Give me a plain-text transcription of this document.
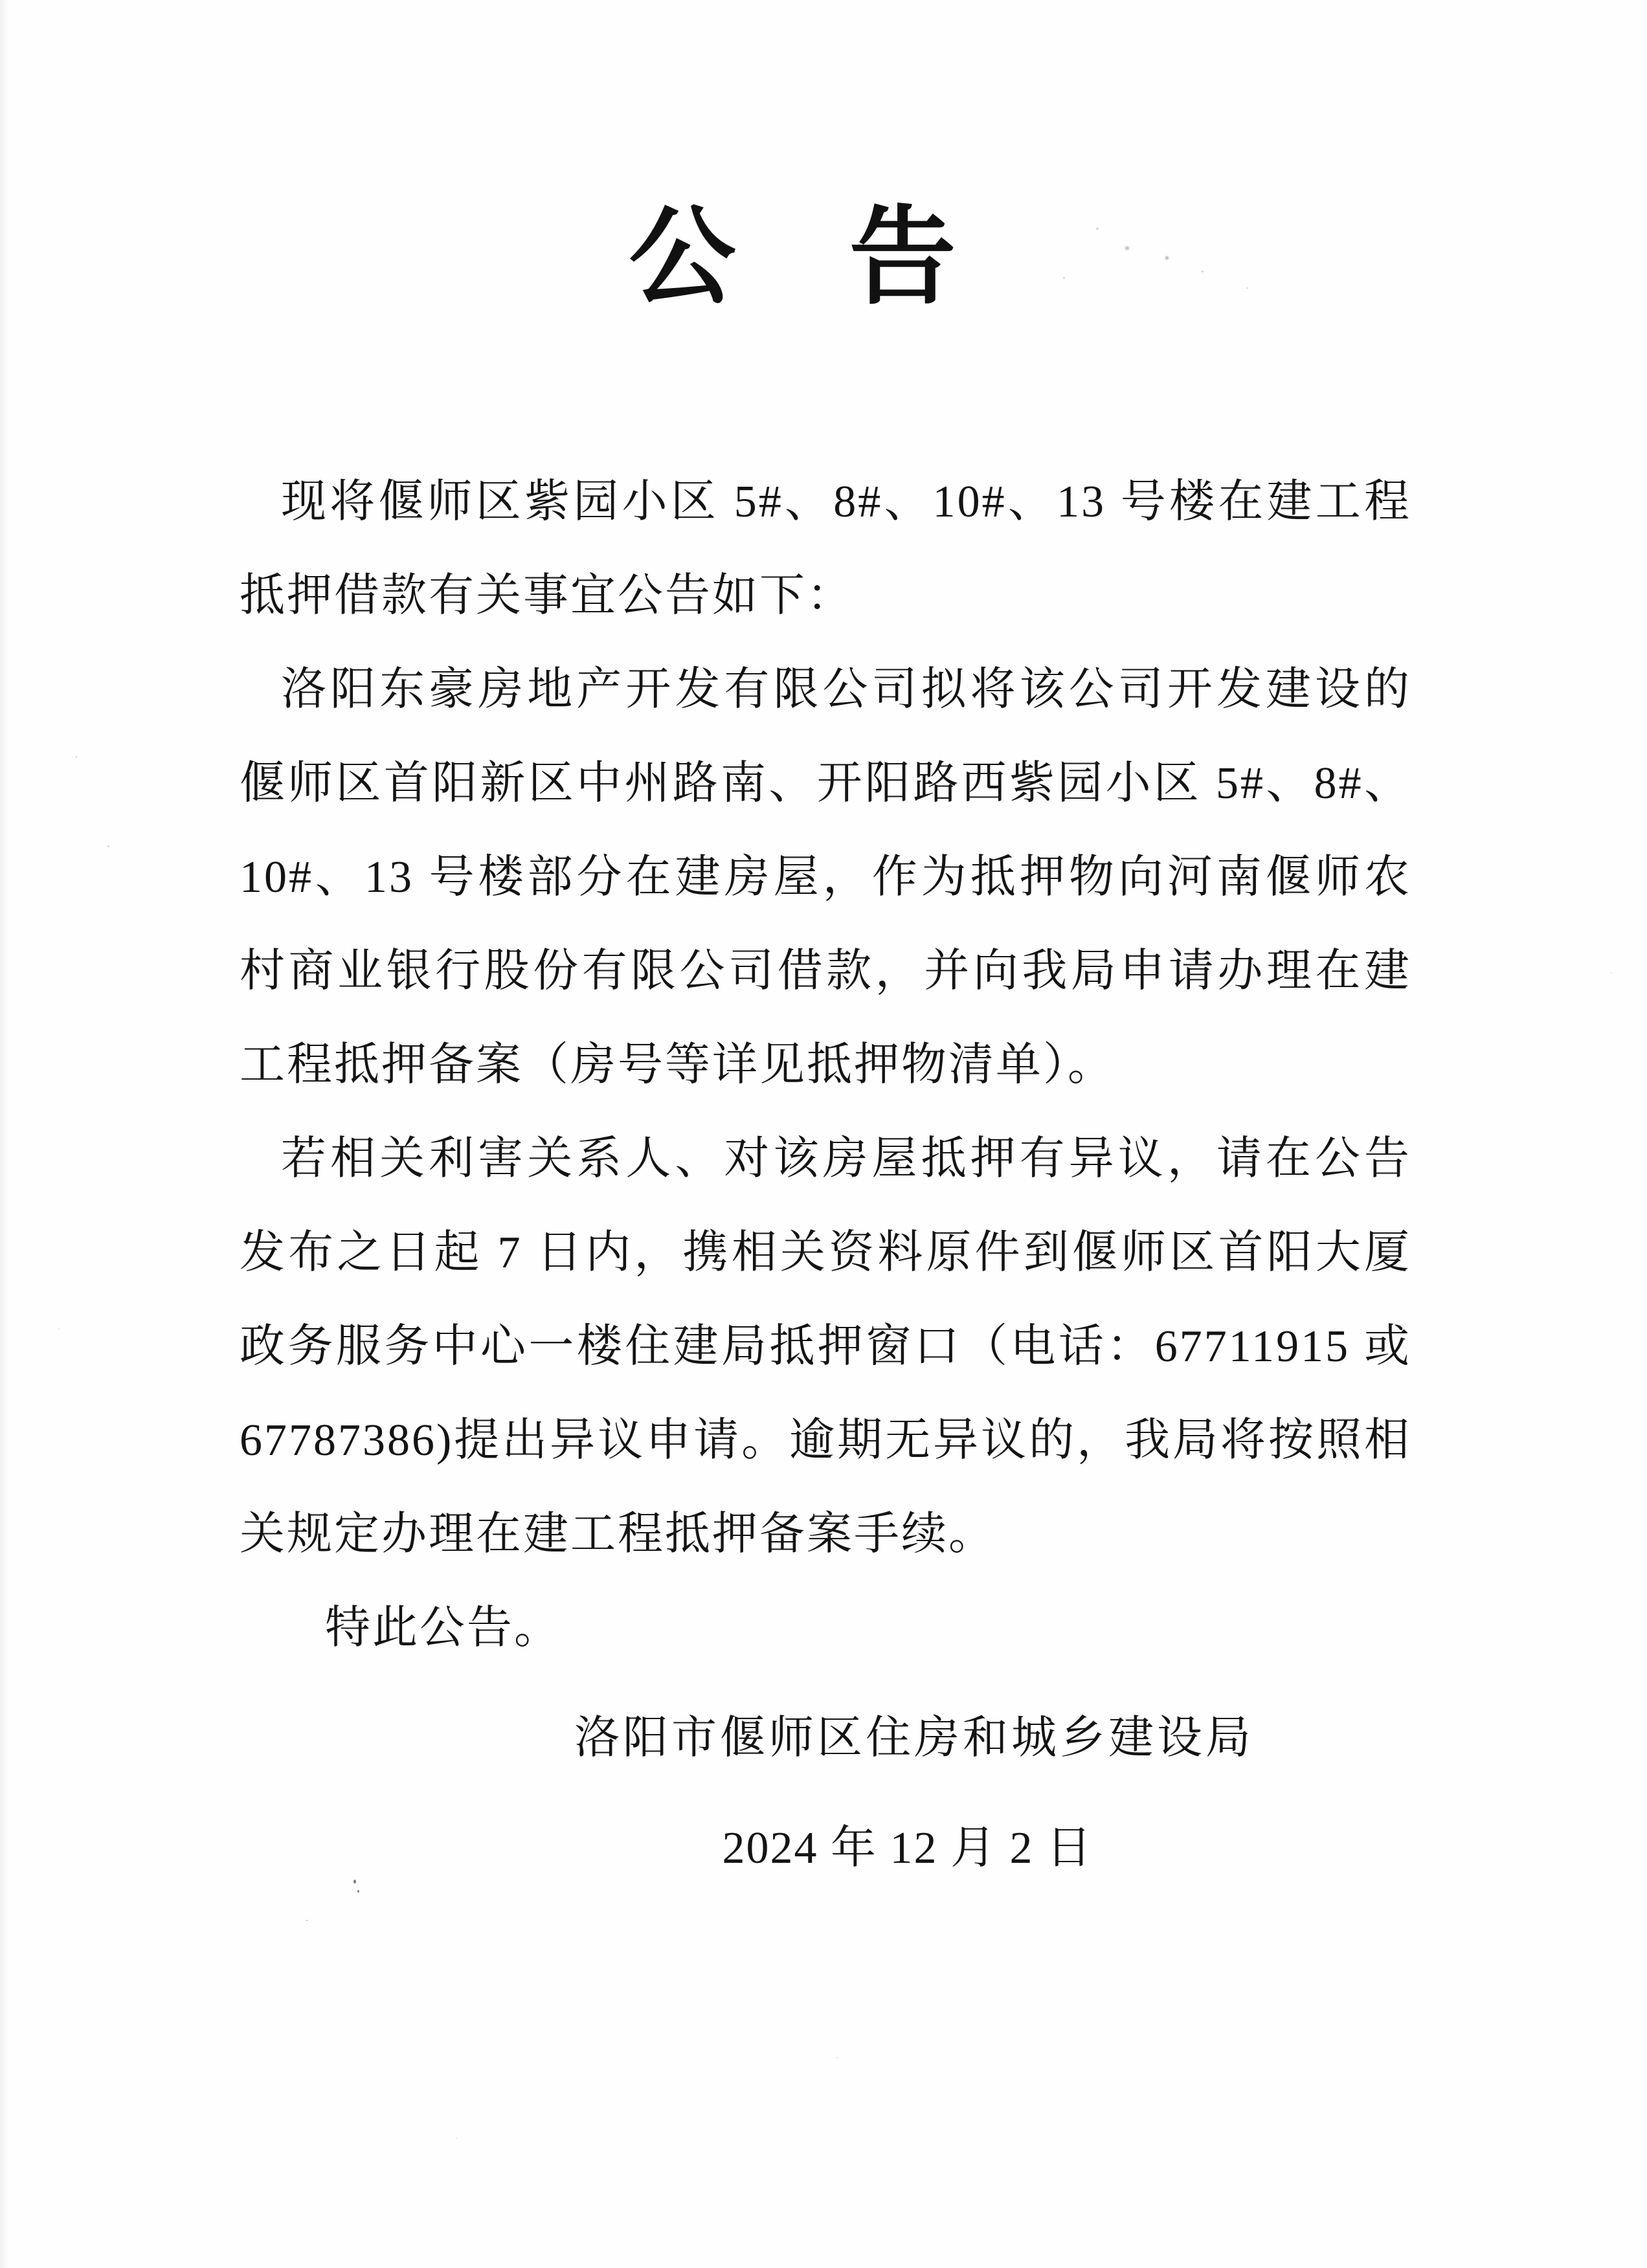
公 告

现将偃师区紫园小区 5#、8#、10#、13 号楼在建工程抵押借款有关事宜公告如下：

洛阳东豪房地产开发有限公司拟将该公司开发建设的偃师区首阳新区中州路南、开阳路西紫园小区 5#、8#、10#、13 号楼部分在建房屋，作为抵押物向河南偃师农村商业银行股份有限公司借款，并向我局申请办理在建工程抵押备案（房号等详见抵押物清单）。

若相关利害关系人、对该房屋抵押有异议，请在公告发布之日起 7 日内，携相关资料原件到偃师区首阳大厦政务服务中心一楼住建局抵押窗口（电话：67711915 或 67787386)提出异议申请。逾期无异议的，我局将按照相关规定办理在建工程抵押备案手续。

特此公告。

洛阳市偃师区住房和城乡建设局

2024 年 12 月 2 日
